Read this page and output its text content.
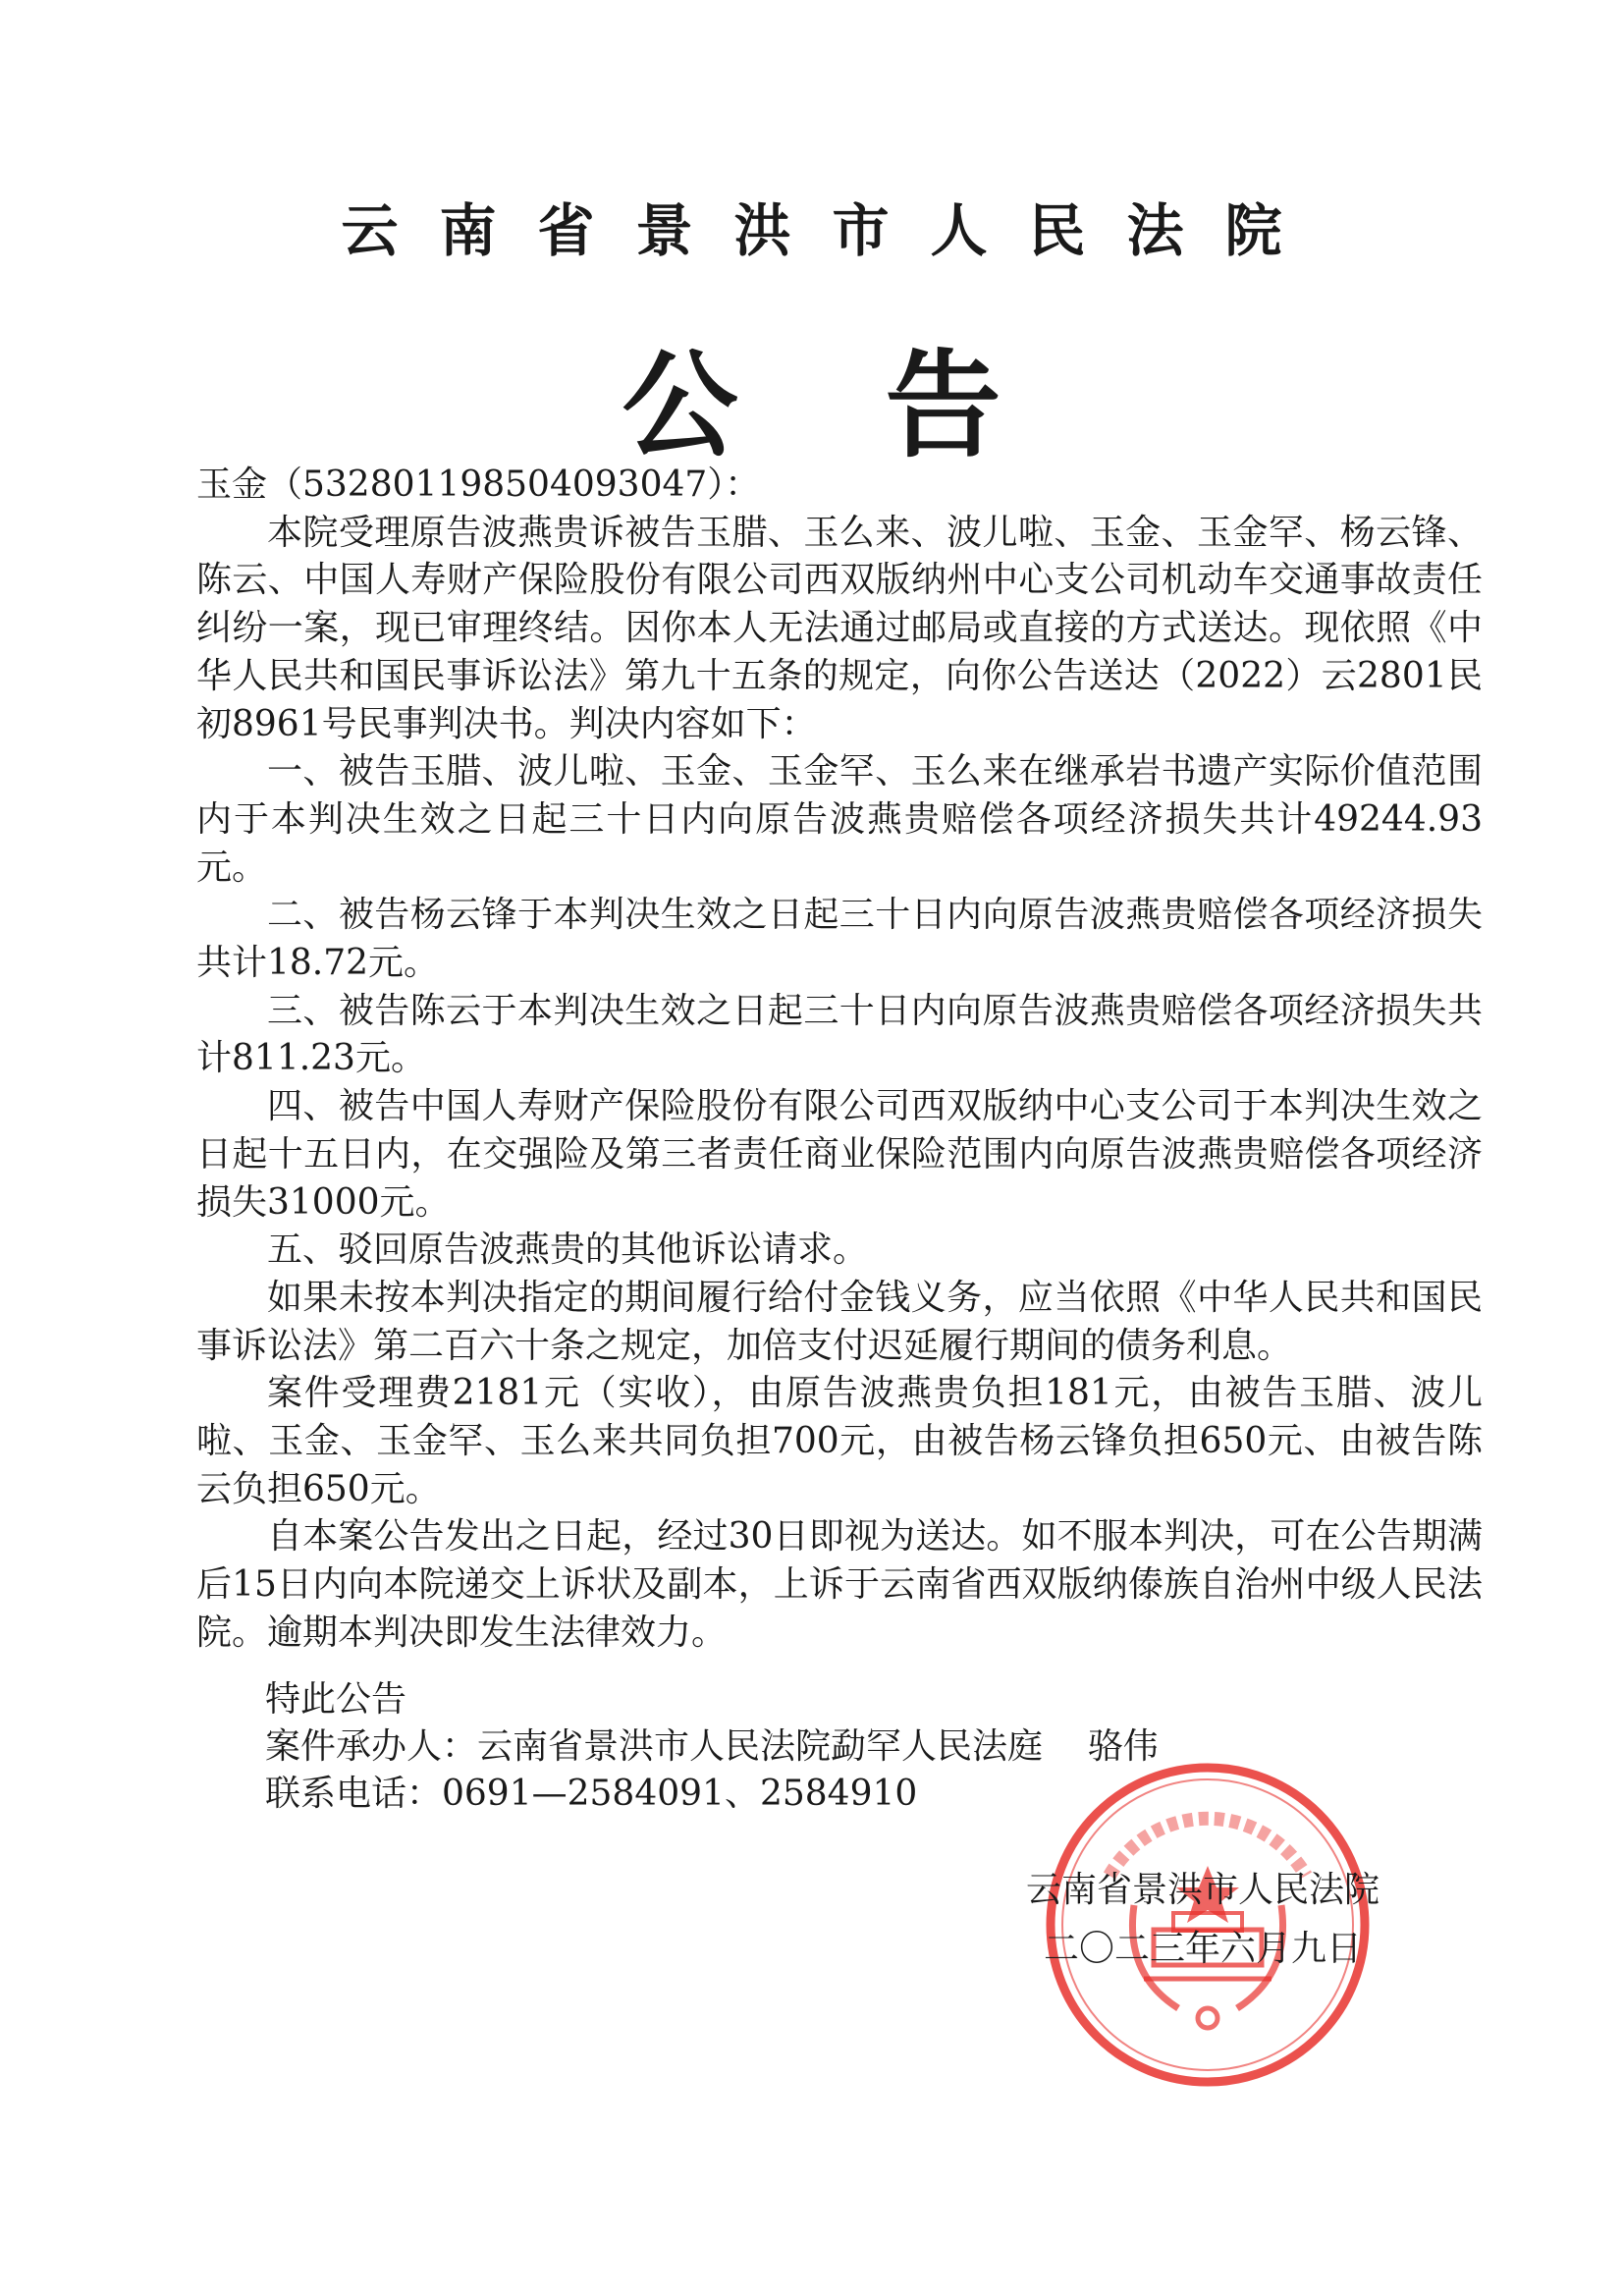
云南省景洪市人民法院
公告

玉金（532801198504093047）：

本院受理原告波燕贵诉被告玉腊、玉么来、波儿啦、玉金、玉金罕、杨云锋、陈云、中国人寿财产保险股份有限公司西双版纳州中心支公司机动车交通事故责任纠纷一案，现已审理终结。因你本人无法通过邮局或直接的方式送达。现依照《中华人民共和国民事诉讼法》第九十五条的规定，向你公告送达（2022）云2801民初8961号民事判决书。判决内容如下：

一、被告玉腊、波儿啦、玉金、玉金罕、玉么来在继承岩书遗产实际价值范围内于本判决生效之日起三十日内向原告波燕贵赔偿各项经济损失共计49244.93元。

二、被告杨云锋于本判决生效之日起三十日内向原告波燕贵赔偿各项经济损失共计18.72元。

三、被告陈云于本判决生效之日起三十日内向原告波燕贵赔偿各项经济损失共计811.23元。

四、被告中国人寿财产保险股份有限公司西双版纳中心支公司于本判决生效之日起十五日内，在交强险及第三者责任商业保险范围内向原告波燕贵赔偿各项经济损失31000元。

五、驳回原告波燕贵的其他诉讼请求。

如果未按本判决指定的期间履行给付金钱义务，应当依照《中华人民共和国民事诉讼法》第二百六十条之规定，加倍支付迟延履行期间的债务利息。

案件受理费2181元（实收），由原告波燕贵负担181元，由被告玉腊、波儿啦、玉金、玉金罕、玉么来共同负担700元，由被告杨云锋负担650元、由被告陈云负担650元。

自本案公告发出之日起，经过30日即视为送达。如不服本判决，可在公告期满后15日内向本院递交上诉状及副本，上诉于云南省西双版纳傣族自治州中级人民法院。逾期本判决即发生法律效力。

特此公告
案件承办人：云南省景洪市人民法院勐罕人民法庭    骆伟
联系电话：0691—2584091、2584910
云南省景洪市人民法院
二〇二三年六月九日
